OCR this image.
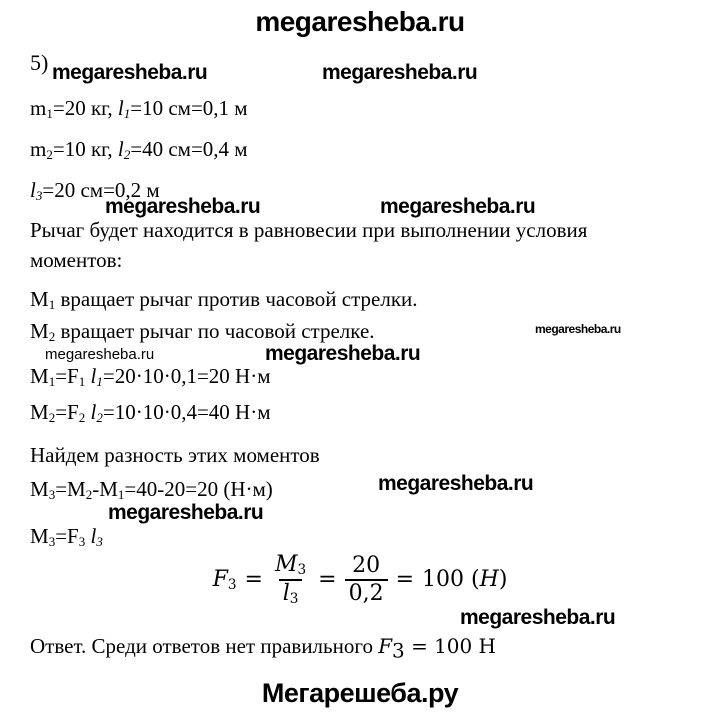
megaresheba.ru
5) megaresheba.ru	megaresheba.ru
m1=20 кг, l1=10 см=0,1 м
m2=10 кг, l2=40 см=0,4 м
l3=20 см=0,2 м
megaresheba.ru	megaresheba.ru
Рычаг будет находится в равновесии при выполнении условия
моментов:
М1 вращает рычаг против часовой стрелки.
М2 вращает рычаг по часовой стрелке.	megaresheba.ru
megaresheba.ru	megaresheba.ru
M1=F1 l1=20·10·0,1=20 Н·м
M2=F2 l2=10·10·0,4=40 Н·м
Найдем разность этих моментов
M3=M2-M1=40-20=20 (Н·м)	megaresheba.ru
megaresheba.ru
M3=F3 l3
$F3 = \frac{M3}{l3} = \frac{20}{0,2} = 100$ (H)
megaresheba.ru
Ответ. Среди ответов нет правильного F3 = 100 Н
Мегарешеба.ру
